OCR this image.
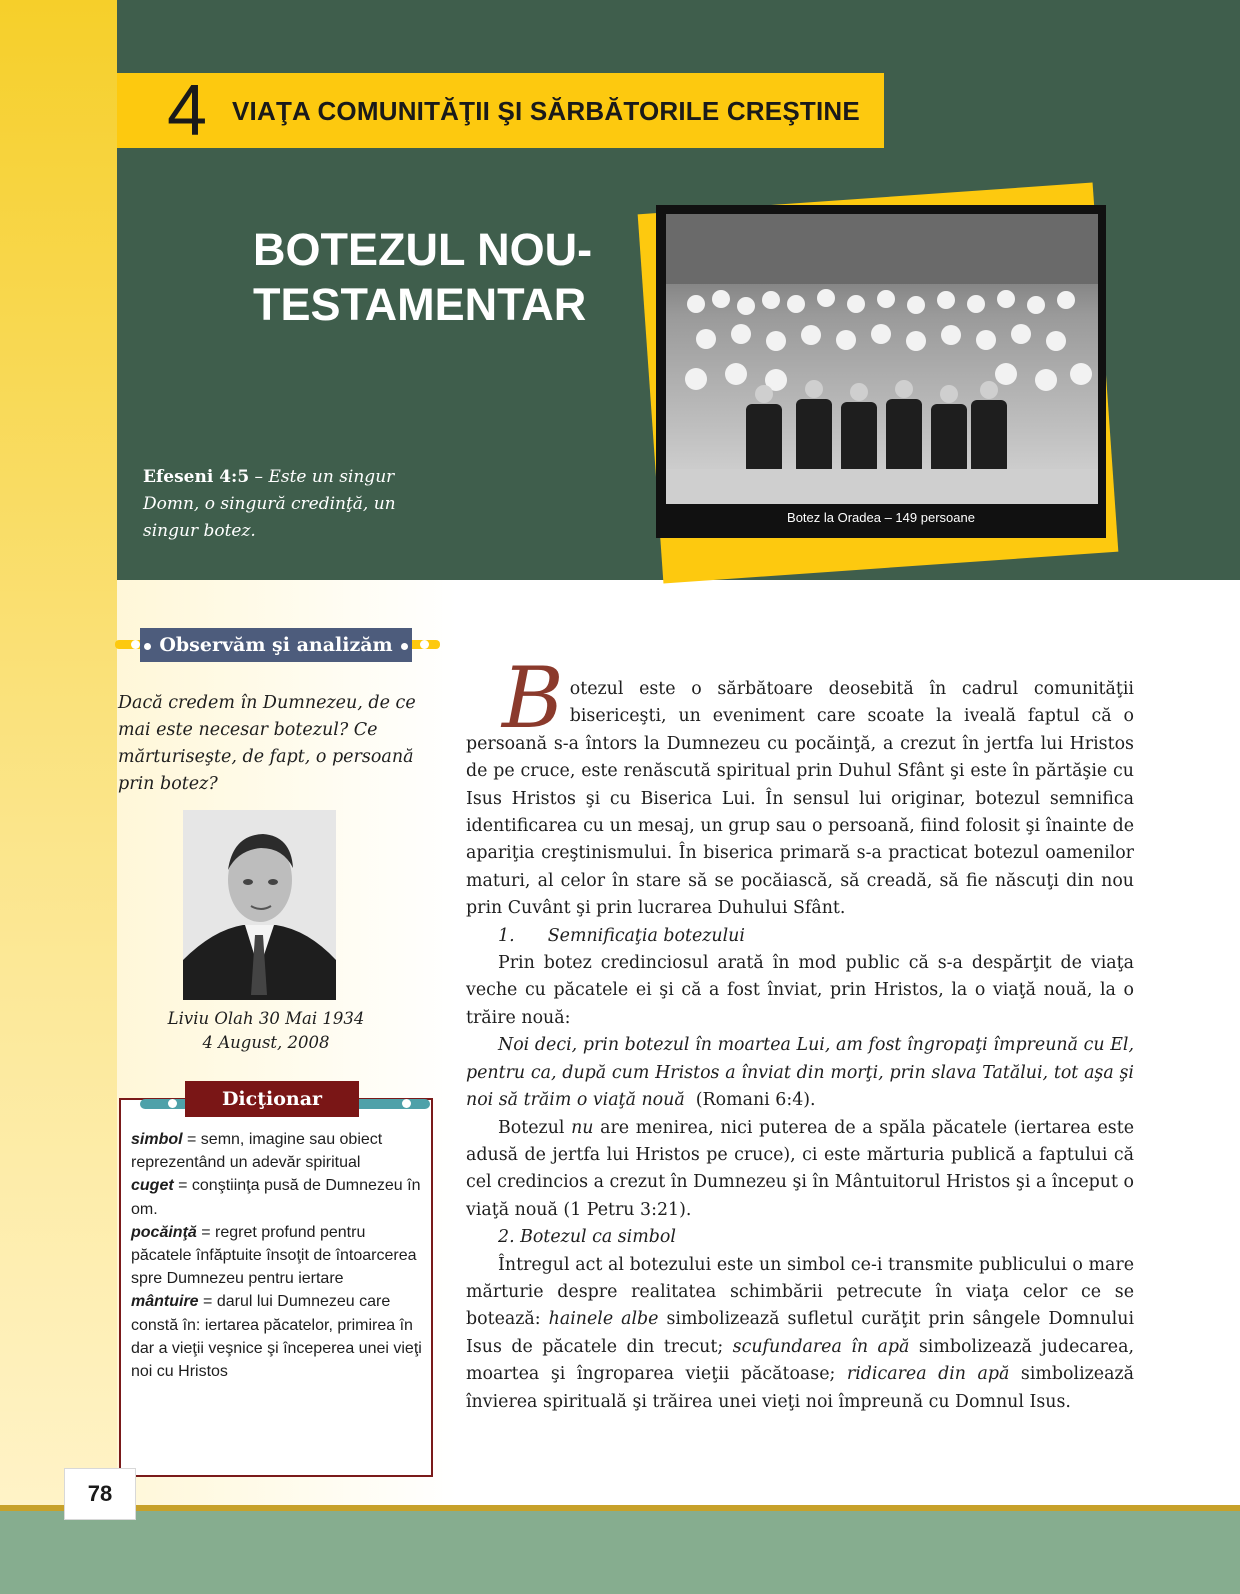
4 VIAŢA COMUNITĂŢII ŞI SĂRBĂTORILE CREŞTINE
BOTEZUL NOU-
TESTAMENTAR
Efeseni 4:5 – Este un singur Domn, o singură credinţă, un singur botez.
Botez la Oradea – 149 persoane
Observăm şi analizăm
Dacă credem în Dumnezeu, de ce mai este necesar botezul? Ce mărturiseşte, de fapt, o persoană prin botez?
Liviu Olah 30 Mai 1934
4 August, 2008
Dicţionar
simbol = semn, imagine sau obiect reprezentând un adevăr spiritual
cuget = conştiinţa pusă de Dumnezeu în om.
pocăinţă = regret profund pentru păcatele înfăptuite însoţit de întoarcerea spre Dumnezeu pentru iertare
mântuire = darul lui Dumnezeu care constă în: iertarea păcatelor, primirea în dar a vieţii veşnice şi începerea unei vieţi noi cu Hristos

Botezul este o sărbătoare deosebită în cadrul comunităţii bisericeşti, un eveniment care scoate la iveală faptul că o persoană s-a întors la Dumnezeu cu pocăinţă, a crezut în jertfa lui Hristos de pe cruce, este renăscută spiritual prin Duhul Sfânt şi este în părtăşie cu Isus Hristos şi cu Biserica Lui. În sensul lui originar, botezul semnifica identificarea cu un mesaj, un grup sau o persoană, fiind folosit şi înainte de apariţia creştinismului. În biserica primară s-a practicat botezul oamenilor maturi, al celor în stare să se pocăiască, să creadă, să fie născuţi din nou prin Cuvânt şi prin lucrarea Duhului Sfânt.

1.      Semnificaţia botezului

Prin botez credinciosul arată în mod public că s-a despărţit de viaţa veche cu păcatele ei şi că a fost înviat, prin Hristos, la o viaţă nouă, la o trăire nouă:

Noi deci, prin botezul în moartea Lui, am fost îngropaţi împreună cu El, pentru ca, după cum Hristos a înviat din morţi, prin slava Tatălui, tot aşa şi noi să trăim o viaţă nouă  (Romani 6:4).

Botezul nu are menirea, nici puterea de a spăla păcatele (iertarea este adusă de jertfa lui Hristos pe cruce), ci este mărturia publică a faptului că cel credincios a crezut în Dumnezeu şi în Mântuitorul Hristos şi a început o viaţă nouă (1 Petru 3:21).

2. Botezul ca simbol

Întregul act al botezului este un simbol ce-i transmite publicului o mare mărturie despre realitatea schimbării petrecute în viaţa celor ce se botează: hainele albe simbolizează sufletul curăţit prin sângele Domnului Isus de păcatele din trecut; scufundarea în apă simbolizează judecarea, moartea şi îngroparea vieţii păcătoase; ridicarea din apă simbolizează învierea spirituală şi trăirea unei vieţi noi împreună cu Domnul Isus.

78
